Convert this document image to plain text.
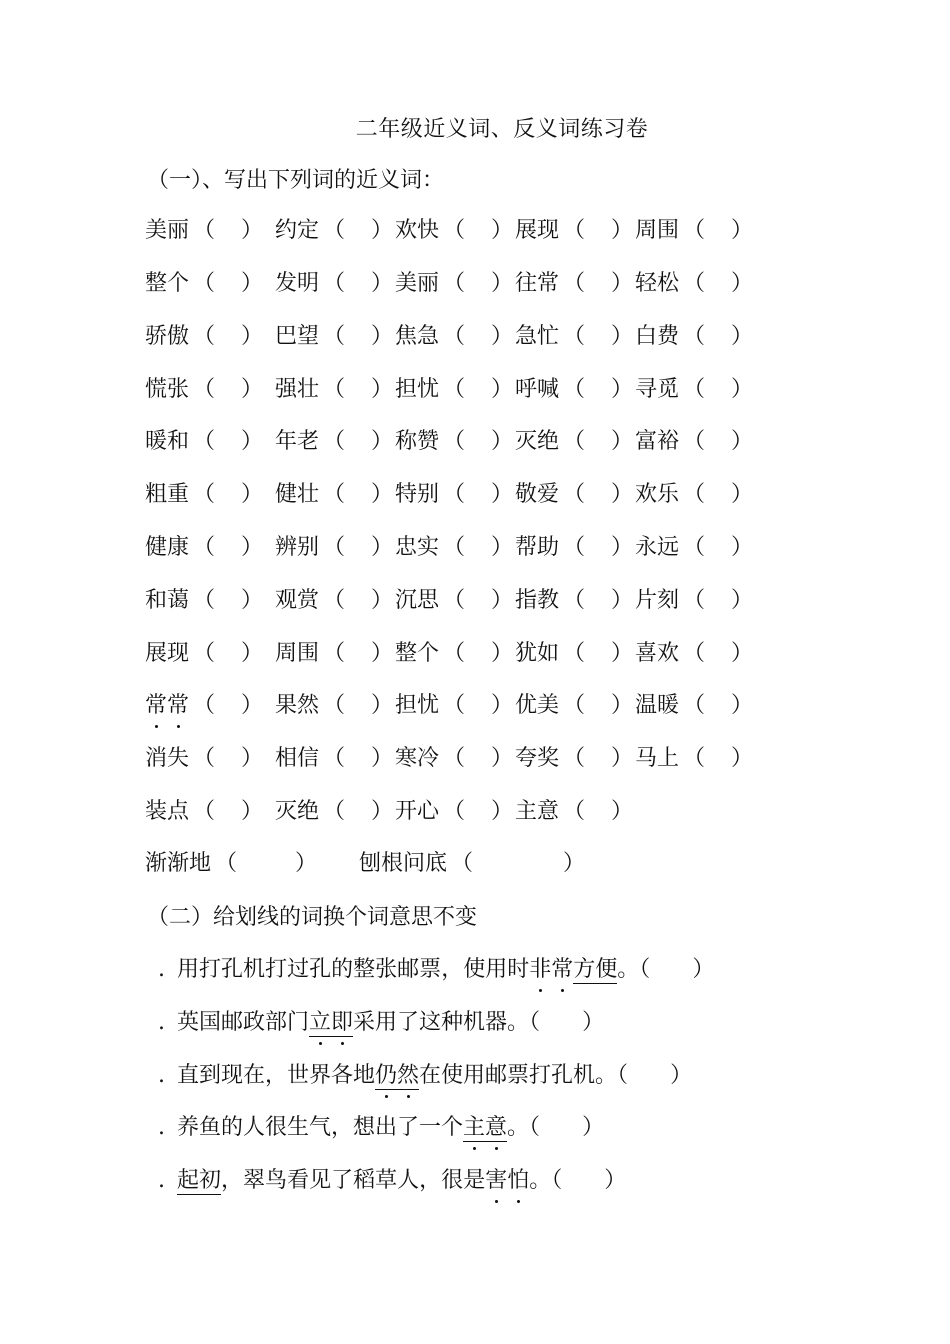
二年级近义词、反义词练习卷
（一）、写出下列词的近义词：
美丽 （ ） 约定 （ ） 欢快 （ ） 展现 （ ） 周围 （ ）
整个 （ ） 发明 （ ） 美丽 （ ） 往常 （ ） 轻松 （ ）
骄傲 （ ） 巴望 （ ） 焦急 （ ） 急忙 （ ） 白费 （ ）
慌张 （ ） 强壮 （ ） 担忧 （ ） 呼喊 （ ） 寻觅 （ ）
暖和 （ ） 年老 （ ） 称赞 （ ） 灭绝 （ ） 富裕 （ ）
粗重 （ ） 健壮 （ ） 特别 （ ） 敬爱 （ ） 欢乐 （ ）
健康 （ ） 辨别 （ ） 忠实 （ ） 帮助 （ ） 永远 （ ）
和蔼 （ ） 观赏 （ ） 沉思 （ ） 指教 （ ） 片刻 （ ）
展现 （ ） 周围 （ ） 整个 （ ） 犹如 （ ） 喜欢 （ ）
常常 （ ） 果然 （ ） 担忧 （ ） 优美 （ ） 温暖 （ ）
消失 （ ） 相信 （ ） 寒冷 （ ） 夸奖 （ ） 马上 （ ）
装点 （ ） 灭绝 （ ） 开心 （ ） 主意 （ ）
渐渐地 （	） 刨根问底 （	）
（二）给划线的词换个词意思不变
. 用打孔机打过孔的整张邮票，使用时非常方便。（ ）
. 英国邮政部门立即采用了这种机器。（ ）
. 直到现在，世界各地仍然在使用邮票打孔机。（ ）
. 养鱼的人很生气，想出了一个主意。（ ）
. 起初，翠鸟看见了稻草人，很是害怕。（ ）
